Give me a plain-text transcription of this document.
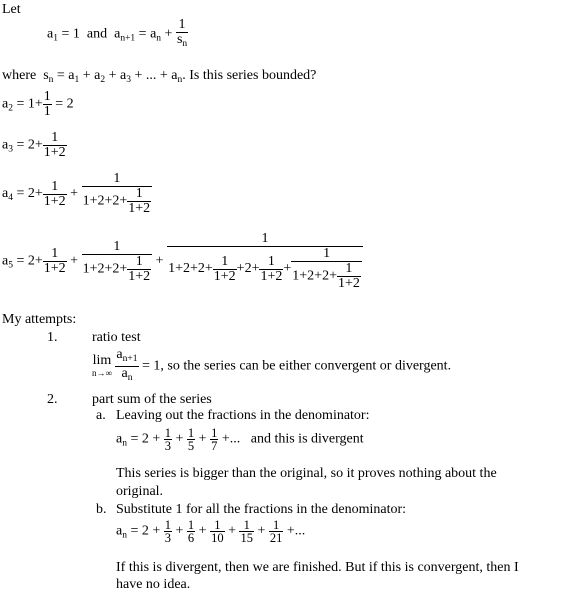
Let
$a_1 = 1$  and  $a_{n+1} = a_n + \frac{1}{s_n}$
where  $s_n = a_1 + a_2 + a_3$ + ... + $a_n$. Is this series bounded?
$a_2 = 1+ \frac{1}{1} = 2$
$a_3 = 2+ \frac{1}{1+2}$
$a_4 = 2+ \frac{1}{1+2} + \frac{1}{1+2+2+ \frac{1}{1+2}}$
$a_5 = 2+ \frac{1}{1+2} + \frac{1}{1+2+2+ \frac{1}{1+2}} + \frac{1}{1+2+2+ \frac{1}{1+2} +2+ \frac{1}{1+2} + \frac{1}{1+2+2+ \frac{1}{1+2}}}$
My attempts:
1. ratio test
lim
n→∞
$\frac{a_{n+1}}{a_n} = 1$, so the series can be either convergent or divergent.
2. part sum of the series
a. Leaving out the fractions in the denominator:
$a_n = 2 + \frac{1}{3} + \frac{1}{5} + \frac{1}{7}$ +...   and this is divergent
This series is bigger than the original, so it proves nothing about the
original.
b. Substitute 1 for all the fractions in the denominator:
$a_n = 2 + \frac{1}{3} + \frac{1}{6} + \frac{1}{10} + \frac{1}{15} + \frac{1}{21}$ +...
If this is divergent, then we are finished. But if this is convergent, then I
have no idea.
